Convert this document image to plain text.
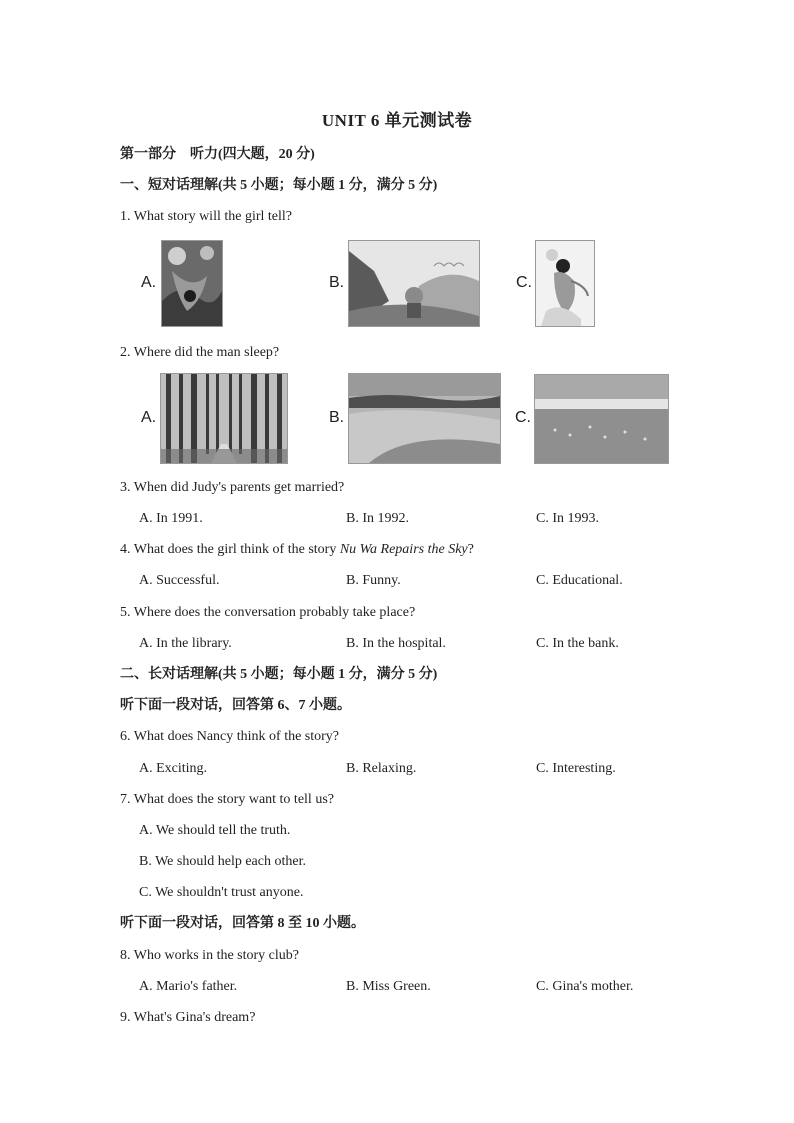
UNIT 6 单元测试卷
第一部分　听力(四大题，20 分)
一、短对话理解(共 5 小题；每小题 1 分，满分 5 分)
1. What story will the girl tell?
A.	B.	C.
2. Where did the man sleep?
A.	B.	C.
3. When did Judy's parents get married?
A. In 1991.	B. In 1992.	C. In 1993.
4. What does the girl think of the story Nu Wa Repairs the Sky?
A. Successful.	B. Funny.	C. Educational.
5. Where does the conversation probably take place?
A. In the library.	B. In the hospital.	C. In the bank.
二、长对话理解(共 5 小题；每小题 1 分，满分 5 分)
听下面一段对话，回答第 6、7 小题。
6. What does Nancy think of the story?
A. Exciting.	B. Relaxing.	C. Interesting.
7. What does the story want to tell us?
A. We should tell the truth.
B. We should help each other.
C. We shouldn't trust anyone.
听下面一段对话，回答第 8 至 10 小题。
8. Who works in the story club?
A. Mario's father.	B. Miss Green.	C. Gina's mother.
9. What's Gina's dream?
